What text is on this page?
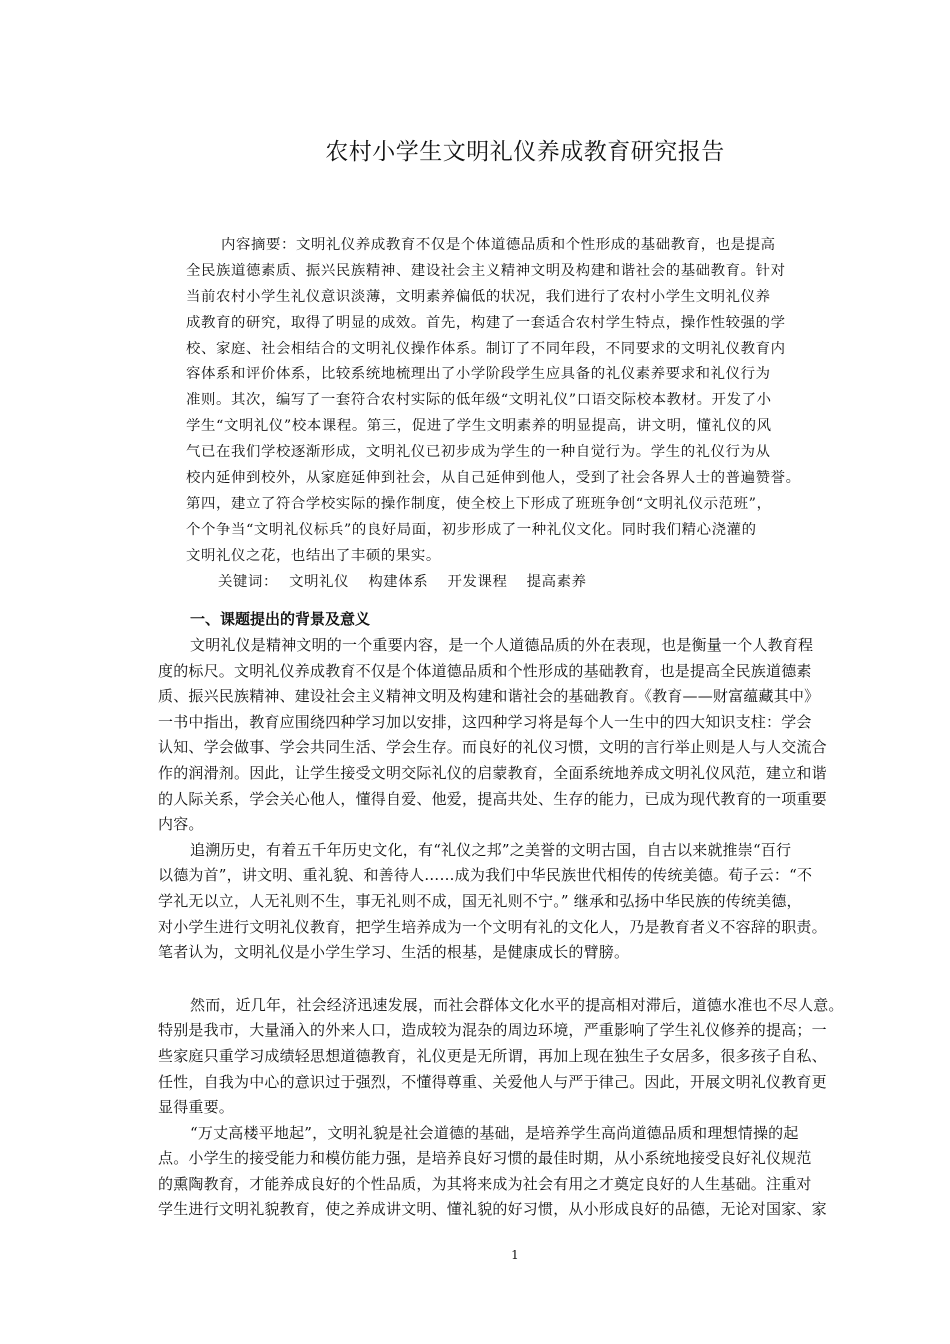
农村小学生文明礼仪养成教育研究报告
内容摘要：文明礼仪养成教育不仅是个体道德品质和个性形成的基础教育，也是提高
全民族道德素质、振兴民族精神、建设社会主义精神文明及构建和谐社会的基础教育。针对
当前农村小学生礼仪意识淡薄，文明素养偏低的状况，我们进行了农村小学生文明礼仪养
成教育的研究，取得了明显的成效。首先，构建了一套适合农村学生特点，操作性较强的学
校、家庭、社会相结合的文明礼仪操作体系。制订了不同年段，不同要求的文明礼仪教育内
容体系和评价体系，比较系统地梳理出了小学阶段学生应具备的礼仪素养要求和礼仪行为
准则。其次，编写了一套符合农村实际的低年级“文明礼仪”口语交际校本教材。开发了小
学生“文明礼仪”校本课程。第三，促进了学生文明素养的明显提高，讲文明，懂礼仪的风
气已在我们学校逐渐形成，文明礼仪已初步成为学生的一种自觉行为。学生的礼仪行为从
校内延伸到校外，从家庭延伸到社会，从自己延伸到他人，受到了社会各界人士的普遍赞誉。
第四，建立了符合学校实际的操作制度，使全校上下形成了班班争创“文明礼仪示范班”，
个个争当“文明礼仪标兵”的良好局面，初步形成了一种礼仪文化。同时我们精心浇灌的
文明礼仪之花，也结出了丰硕的果实。
关键词： 文明礼仪 构建体系 开发课程 提高素养
一、课题提出的背景及意义
文明礼仪是精神文明的一个重要内容，是一个人道德品质的外在表现，也是衡量一个人教育程
度的标尺。文明礼仪养成教育不仅是个体道德品质和个性形成的基础教育，也是提高全民族道德素
质、振兴民族精神、建设社会主义精神文明及构建和谐社会的基础教育。《教育——财富蕴藏其中》
一书中指出，教育应围绕四种学习加以安排，这四种学习将是每个人一生中的四大知识支柱：学会
认知、学会做事、学会共同生活、学会生存。而良好的礼仪习惯，文明的言行举止则是人与人交流合
作的润滑剂。因此，让学生接受文明交际礼仪的启蒙教育，全面系统地养成文明礼仪风范，建立和谐
的人际关系，学会关心他人，懂得自爱、他爱，提高共处、生存的能力，已成为现代教育的一项重要
内容。
追溯历史，有着五千年历史文化，有“礼仪之邦”之美誉的文明古国，自古以来就推崇“百行
以德为首”，讲文明、重礼貌、和善待人……成为我们中华民族世代相传的传统美德。荀子云：“不
学礼无以立，人无礼则不生，事无礼则不成，国无礼则不宁。” 继承和弘扬中华民族的传统美德，
对小学生进行文明礼仪教育，把学生培养成为一个文明有礼的文化人，乃是教育者义不容辞的职责。
笔者认为，文明礼仪是小学生学习、生活的根基，是健康成长的臂膀。
然而，近几年，社会经济迅速发展，而社会群体文化水平的提高相对滞后，道德水准也不尽人意。
特别是我市，大量涌入的外来人口，造成较为混杂的周边环境，严重影响了学生礼仪修养的提高；一
些家庭只重学习成绩轻思想道德教育，礼仪更是无所谓，再加上现在独生子女居多，很多孩子自私、
任性，自我为中心的意识过于强烈，不懂得尊重、关爱他人与严于律己。因此，开展文明礼仪教育更
显得重要。
“万丈高楼平地起”，文明礼貌是社会道德的基础，是培养学生高尚道德品质和理想情操的起
点。小学生的接受能力和模仿能力强，是培养良好习惯的最佳时期，从小系统地接受良好礼仪规范
的熏陶教育，才能养成良好的个性品质，为其将来成为社会有用之才奠定良好的人生基础。注重对
学生进行文明礼貌教育，使之养成讲文明、懂礼貌的好习惯，从小形成良好的品德，无论对国家、家
1
